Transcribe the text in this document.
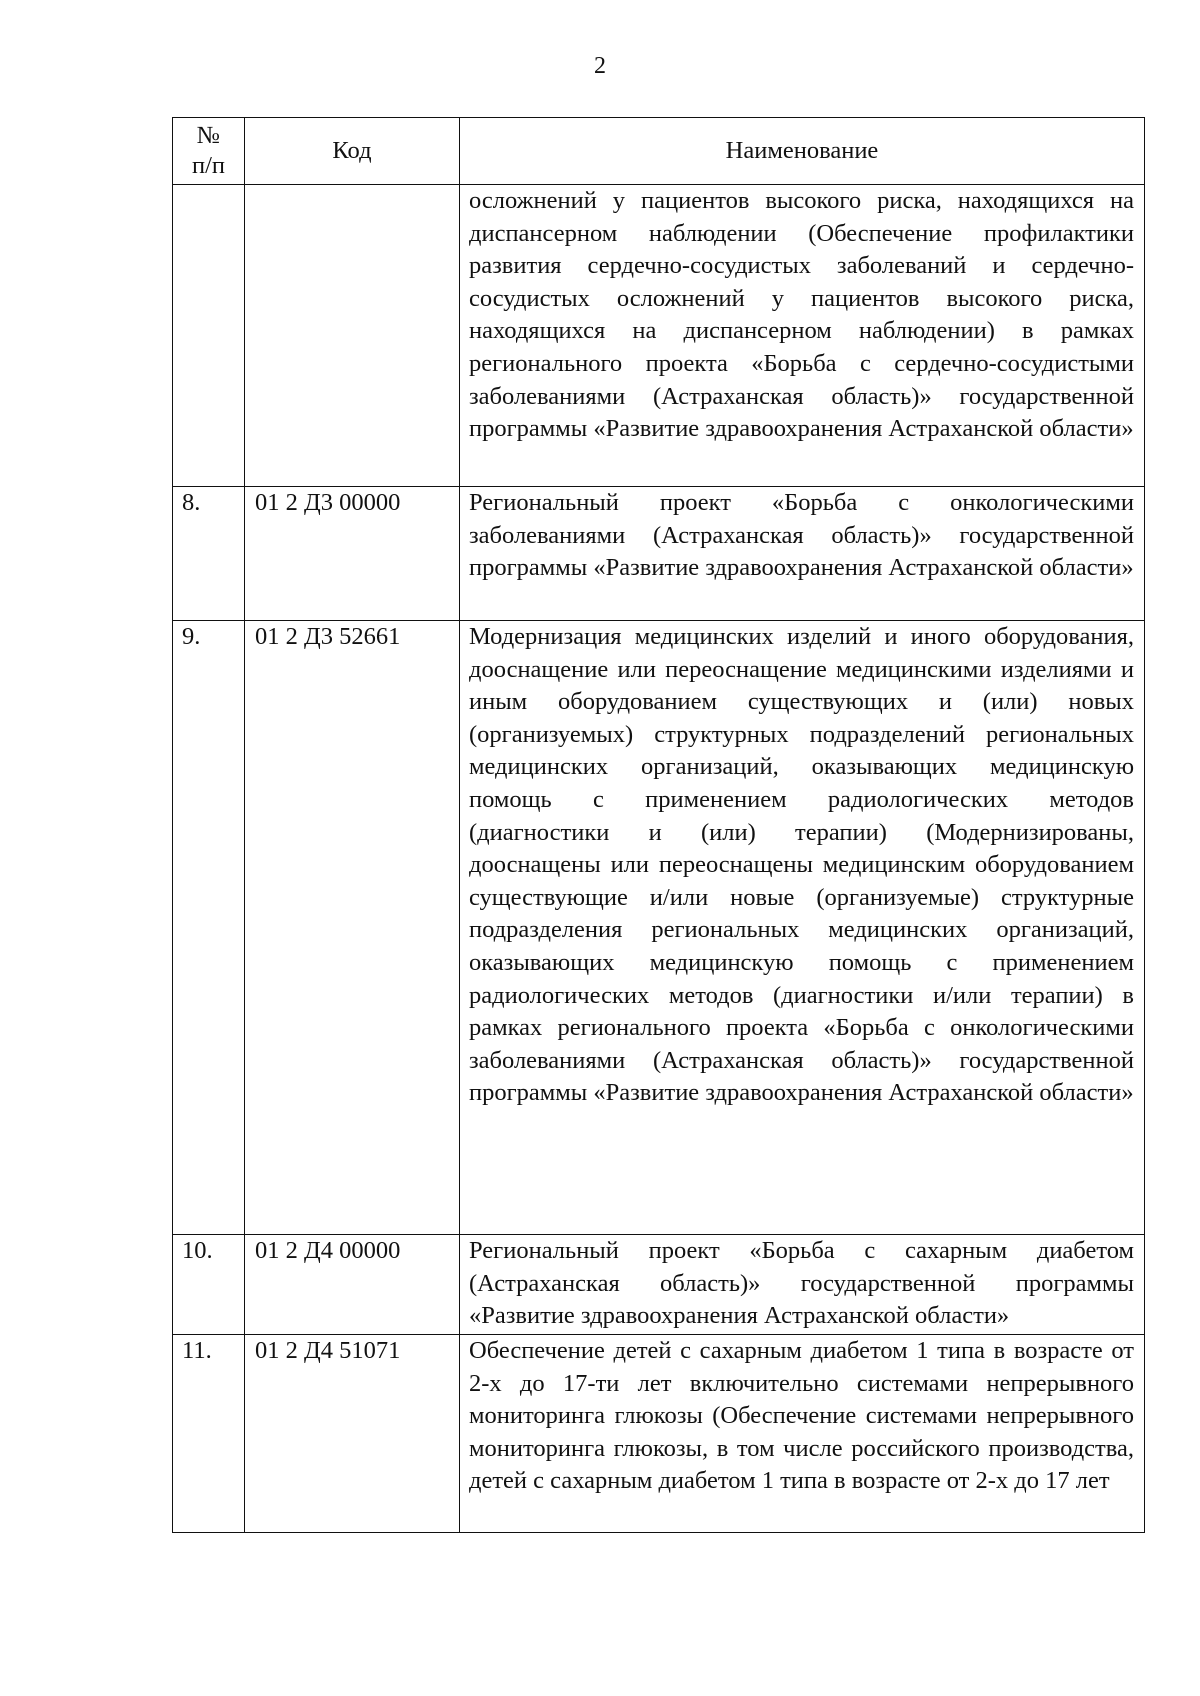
2
№
п/п	Код	Наименование
		осложнений у пациентов высокого риска, находящихся на диспансерном наблюдении (Обеспечение профилактики развития сердечно-сосудистых заболеваний и сердечно-сосудистых осложнений у пациентов высокого риска, находящихся на диспансерном наблюдении) в рамках регионального проекта «Борьба с сердечно-сосудистыми заболеваниями (Астраханская область)» государственной программы «Развитие здравоохранения Астраханской области»
8.	01 2 Д3 00000	Региональный проект «Борьба с онкологическими заболеваниями (Астраханская область)» государственной программы «Развитие здравоохранения Астраханской области»
9.	01 2 Д3 52661	Модернизация медицинских изделий и иного оборудования, дооснащение или переоснащение медицинскими изделиями и иным оборудованием существующих и (или) новых (организуемых) структурных подразделений региональных медицинских организаций, оказывающих медицинскую помощь с применением радиологических методов (диагностики и (или) терапии) (Модернизированы, дооснащены или переоснащены медицинским оборудованием существующие и/или новые (организуемые) структурные подразделения региональных медицинских организаций, оказывающих медицинскую помощь с применением радиологических методов (диагностики и/или терапии) в рамках регионального проекта «Борьба с онкологическими заболеваниями (Астраханская область)» государственной программы «Развитие здравоохранения Астраханской области»
10.	01 2 Д4 00000	Региональный проект «Борьба с сахарным диабетом (Астраханская область)» государственной программы «Развитие здравоохранения Астраханской области»
11.	01 2 Д4 51071	Обеспечение детей с сахарным диабетом 1 типа в возрасте от 2-х до 17-ти лет включительно системами непрерывного мониторинга глюкозы (Обеспечение системами непрерывного мониторинга глюкозы, в том числе российского производства, детей с сахарным диабетом 1 типа в возрасте от 2-х до 17 лет
